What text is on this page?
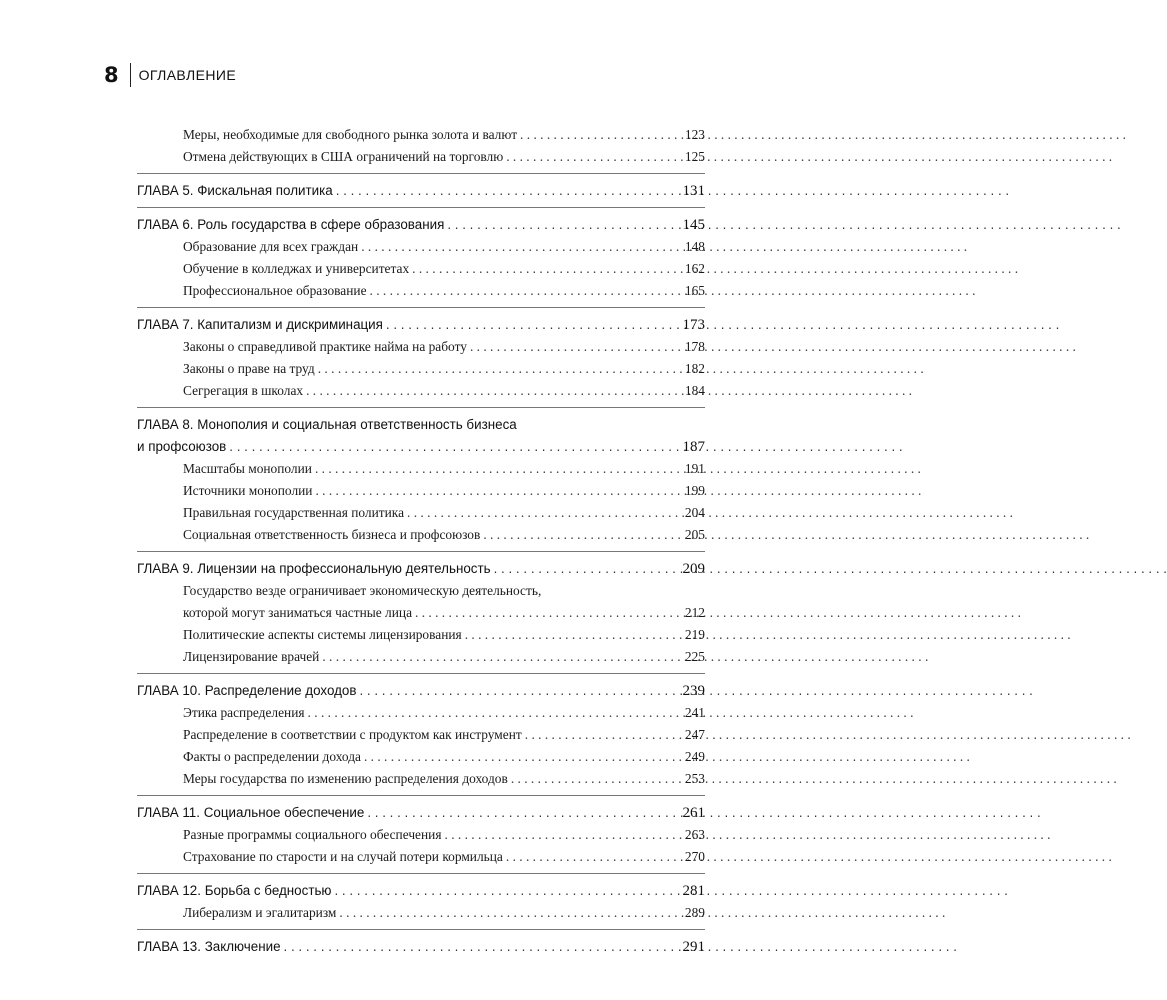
8 ОГЛАВЛЕНИЕ
Меры, необходимые для свободного рынка золота и валют . . .	123
Отмена действующих в США ограничений на торговлю . . .	125
ГЛАВА 5. Фискальная политика . . .	131
ГЛАВА 6. Роль государства в сфере образования . . .	145
Образование для всех граждан . . .	148
Обучение в колледжах и университетах . . .	162
Профессиональное образование . . .	165
ГЛАВА 7. Капитализм и дискриминация . . .	173
Законы о справедливой практике найма на работу . . .	178
Законы о праве на труд . . .	182
Сегрегация в школах . . .	184
ГЛАВА 8. Монополия и социальная ответственность бизнеса
и профсоюзов . . .	187
Масштабы монополии . . .	191
Источники монополии . . .	199
Правильная государственная политика . . .	204
Социальная ответственность бизнеса и профсоюзов . . .	205
ГЛАВА 9. Лицензии на профессиональную деятельность . . .	209
Государство везде ограничивает экономическую деятельность,
которой могут заниматься частные лица . . .	212
Политические аспекты системы лицензирования . . .	219
Лицензирование врачей . . .	225
ГЛАВА 10. Распределение доходов . . .	239
Этика распределения . . .	241
Распределение в соответствии с продуктом как инструмент . . .	247
Факты о распределении дохода . . .	249
Меры государства по изменению распределения доходов . . .	253
ГЛАВА 11. Социальное обеспечение . . .	261
Разные программы социального обеспечения . . .	263
Страхование по старости и на случай потери кормильца . . .	270
ГЛАВА 12. Борьба с бедностью . . .	281
Либерализм и эгалитаризм . . .	289
ГЛАВА 13. Заключение . . .	291
